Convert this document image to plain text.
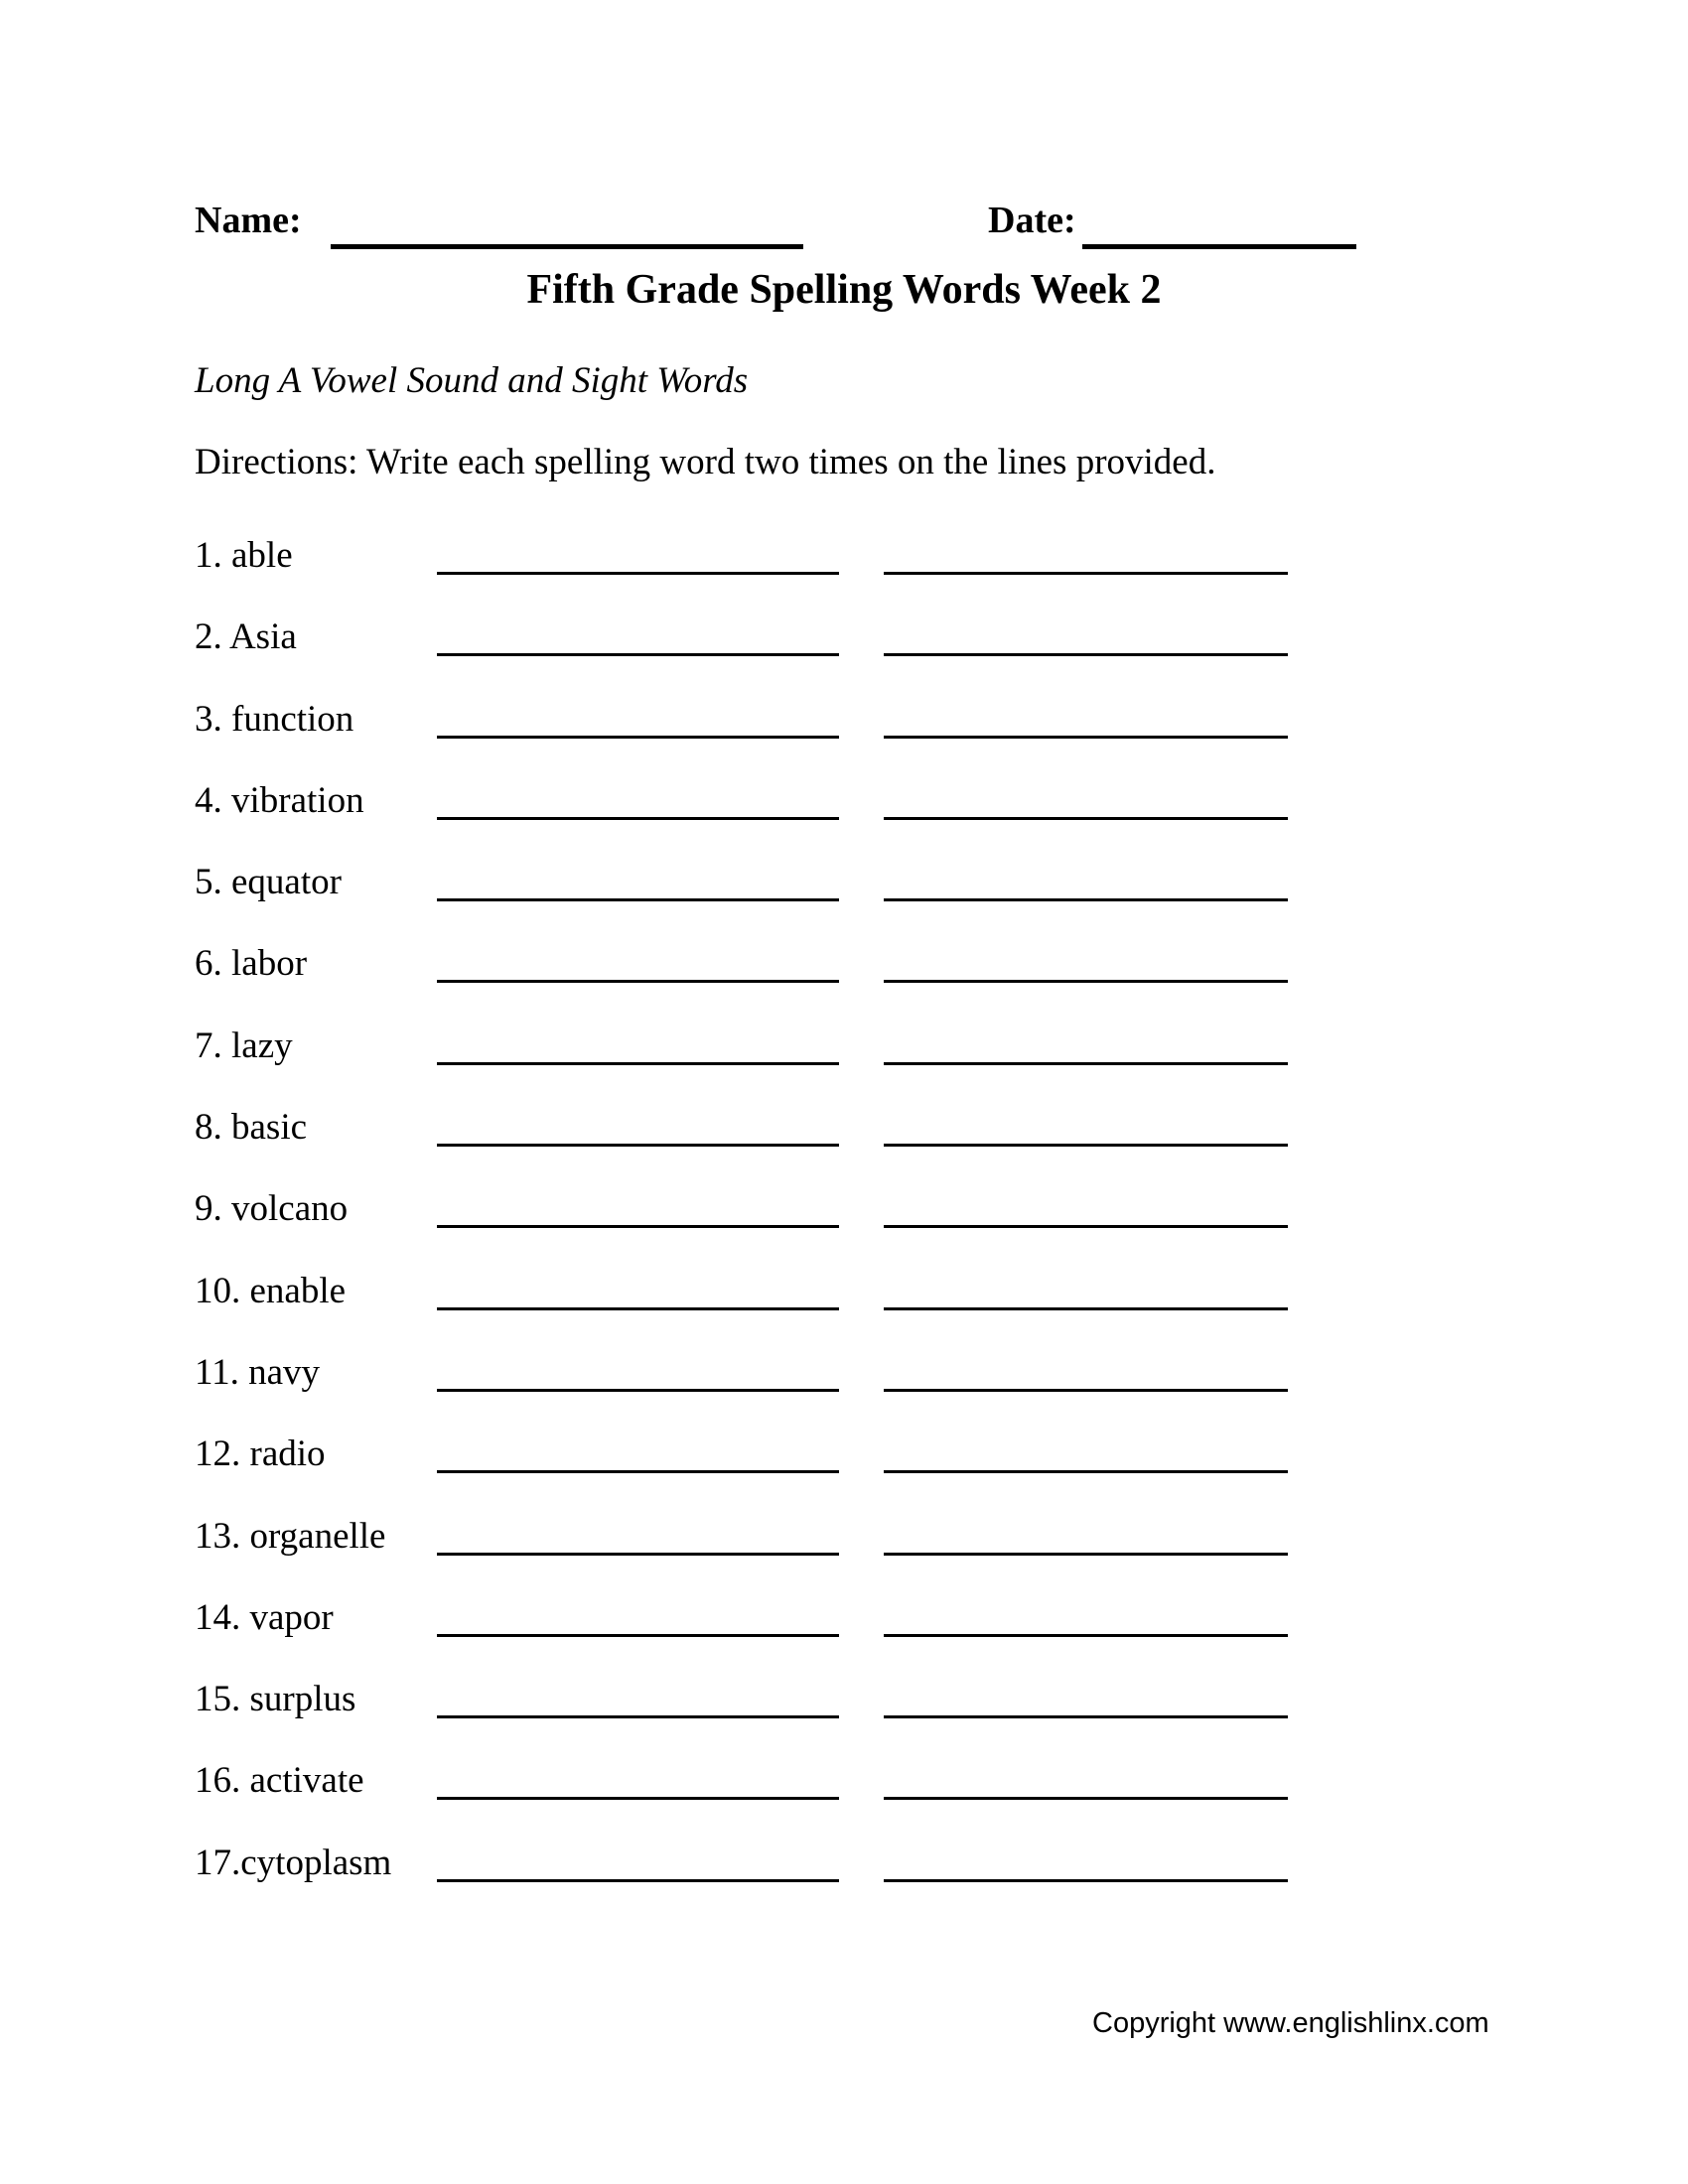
Name:	Date:
Fifth Grade Spelling Words Week 2
Long A Vowel Sound and Sight Words
Directions: Write each spelling word two times on the lines provided.
1. able
2. Asia
3. function
4. vibration
5. equator
6. labor
7. lazy
8. basic
9. volcano
10. enable
11. navy
12. radio
13. organelle
14. vapor
15. surplus
16. activate
17.cytoplasm
Copyright www.englishlinx.com
